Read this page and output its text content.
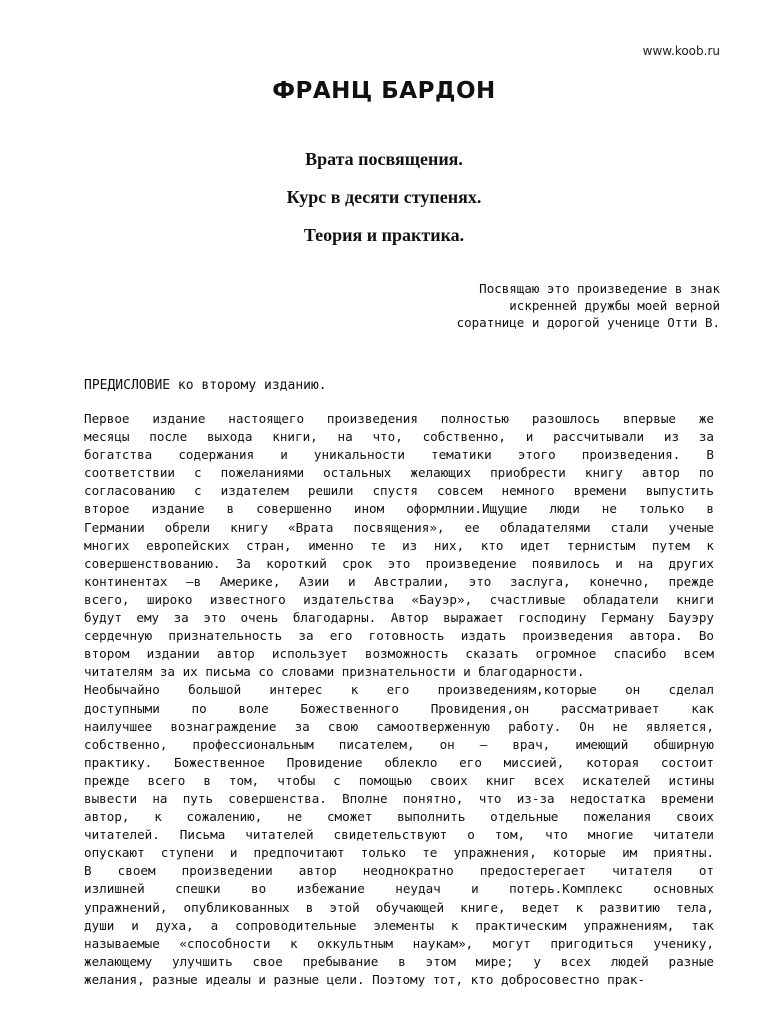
www.koob.ru
ФРАНЦ БАРДОН
Врата посвящения.
Курс в десяти ступенях.
Теория и практика.
Посвящаю это произведение в знак
искренней дружбы моей верной
соратнице и дорогой ученице Отти В.
ПРЕДИСЛОВИЕ ко второму изданию.
Первое издание настоящего произведения полностью разошлось впервые же
месяцы после выхода книги, на что, собственно, и рассчитывали из за
богатства содержания и уникальности тематики этого произведения. В
соответствии с пожеланиями остальных желающих приобрести книгу автор по
согласованию с издателем решили спустя совсем немного времени выпустить
второе издание в совершенно ином оформлнии.Ищущие люди не только в
Германии обрели книгу «Врата посвящения», ее обладателями стали ученые
многих европейских стран, именно те из них, кто идет тернистым путем к
совершенствованию. За короткий срок это произведение появилось и на других
континентах —в Америке, Азии и Австралии, это заслуга, конечно, прежде
всего, широко известного издательства «Бауэр», счастливые обладатели книги
будут ему за это очень благодарны. Автор выражает господину Герману Бауэру
сердечную признательность за его готовность издать произведения автора. Во
втором издании автор использует возможность сказать огромное спасибо всем
читателям за их письма со словами признательности и благодарности.
Необычайно большой интерес к его произведениям,которые он сделал
доступными по воле Божественного Провидения,он рассматривает как
наилучшее вознаграждение за свою самоотверженную работу. Он не является,
собственно, профессиональным писателем, он — врач, имеющий обширную
практику. Божественное Провидение облекло его миссией, которая состоит
прежде всего в том, чтобы с помощью своих книг всех искателей истины
вывести на путь совершенства. Вполне понятно, что из-за недостатка времени
автор, к сожалению, не сможет выполнить отдельные пожелания своих
читателей. Письма читателей свидетельствуют о том, что многие читатели
опускают ступени и предпочитают только те упражнения, которые им приятны.
В своем произведении автор неоднократно предостерегает читателя от
излишней спешки во избежание неудач и потерь.Комплекс основных
упражнений, опубликованных в этой обучающей книге, ведет к развитию тела,
души и духа, а сопроводительные элементы к практическим упражнениям, так
называемые «способности к оккультным наукам», могут пригодиться ученику,
желающему улучшить свое пребывание в этом мире; у всех людей разные
желания, разные идеалы и разные цели. Поэтому тот, кто добросовестно прак-
